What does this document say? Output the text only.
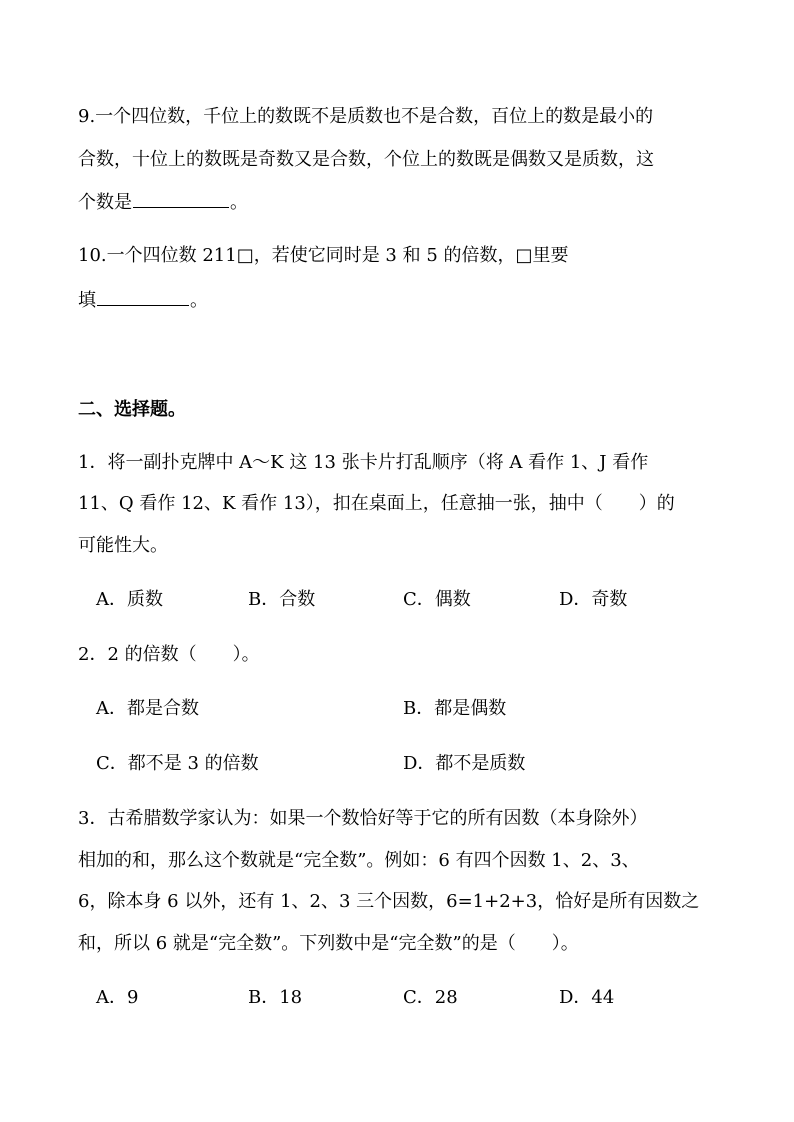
9.一个四位数，千位上的数既不是质数也不是合数，百位上的数是最小的
合数，十位上的数既是奇数又是合数，个位上的数既是偶数又是质数，这
个数是	。
10.一个四位数 211□，若使它同时是 3 和 5 的倍数，□里要
填	。
二、选择题。
1．将一副扑克牌中 A～K 这 13 张卡片打乱顺序（将 A 看作 1、J 看作
11、Q 看作 12、K 看作 13），扣在桌面上，任意抽一张，抽中（　　）的
可能性大。
A．质数	B．合数	C．偶数	D．奇数
2．2 的倍数（　　）。
A．都是合数	B．都是偶数
C．都不是 3 的倍数	D．都不是质数
3．古希腊数学家认为：如果一个数恰好等于它的所有因数（本身除外）
相加的和，那么这个数就是“完全数”。例如：6 有四个因数 1、2、3、
6，除本身 6 以外，还有 1、2、3 三个因数，6=1+2+3，恰好是所有因数之
和，所以 6 就是“完全数”。下列数中是“完全数”的是（　　）。
A．9	B．18	C．28	D．44
